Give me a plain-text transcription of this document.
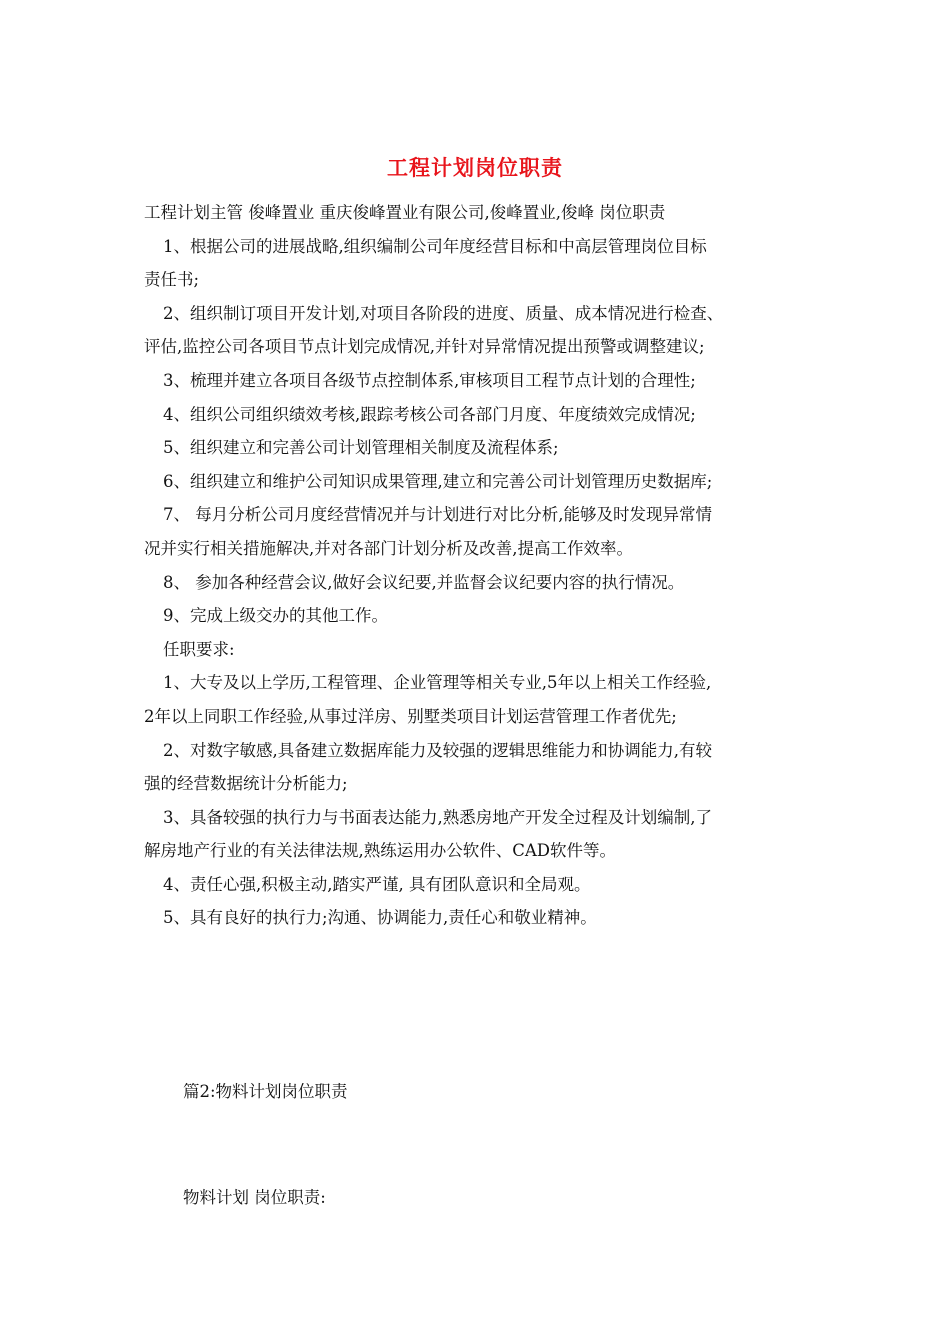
工程计划岗位职责
工程计划主管 俊峰置业 重庆俊峰置业有限公司,俊峰置业,俊峰 岗位职责
1、根据公司的进展战略,组织编制公司年度经营目标和中高层管理岗位目标
责任书;
2、组织制订项目开发计划,对项目各阶段的进度、质量、成本情况进行检查、
评估,监控公司各项目节点计划完成情况,并针对异常情况提出预警或调整建议;
3、梳理并建立各项目各级节点控制体系,审核项目工程节点计划的合理性;
4、组织公司组织绩效考核,跟踪考核公司各部门月度、年度绩效完成情况;
5、组织建立和完善公司计划管理相关制度及流程体系;
6、组织建立和维护公司知识成果管理,建立和完善公司计划管理历史数据库;
7、 每月分析公司月度经营情况并与计划进行对比分析,能够及时发现异常情
况并实行相关措施解决,并对各部门计划分析及改善,提高工作效率。
8、 参加各种经营会议,做好会议纪要,并监督会议纪要内容的执行情况。
9、完成上级交办的其他工作。
任职要求:
1、大专及以上学历,工程管理、企业管理等相关专业,5年以上相关工作经验,
2年以上同职工作经验,从事过洋房、别墅类项目计划运营管理工作者优先;
2、对数字敏感,具备建立数据库能力及较强的逻辑思维能力和协调能力,有较
强的经营数据统计分析能力;
3、具备较强的执行力与书面表达能力,熟悉房地产开发全过程及计划编制,了
解房地产行业的有关法律法规,熟练运用办公软件、CAD软件等。
4、责任心强,积极主动,踏实严谨, 具有团队意识和全局观。
5、具有良好的执行力;沟通、协调能力,责任心和敬业精神。
篇2:物料计划岗位职责
物料计划 岗位职责:
